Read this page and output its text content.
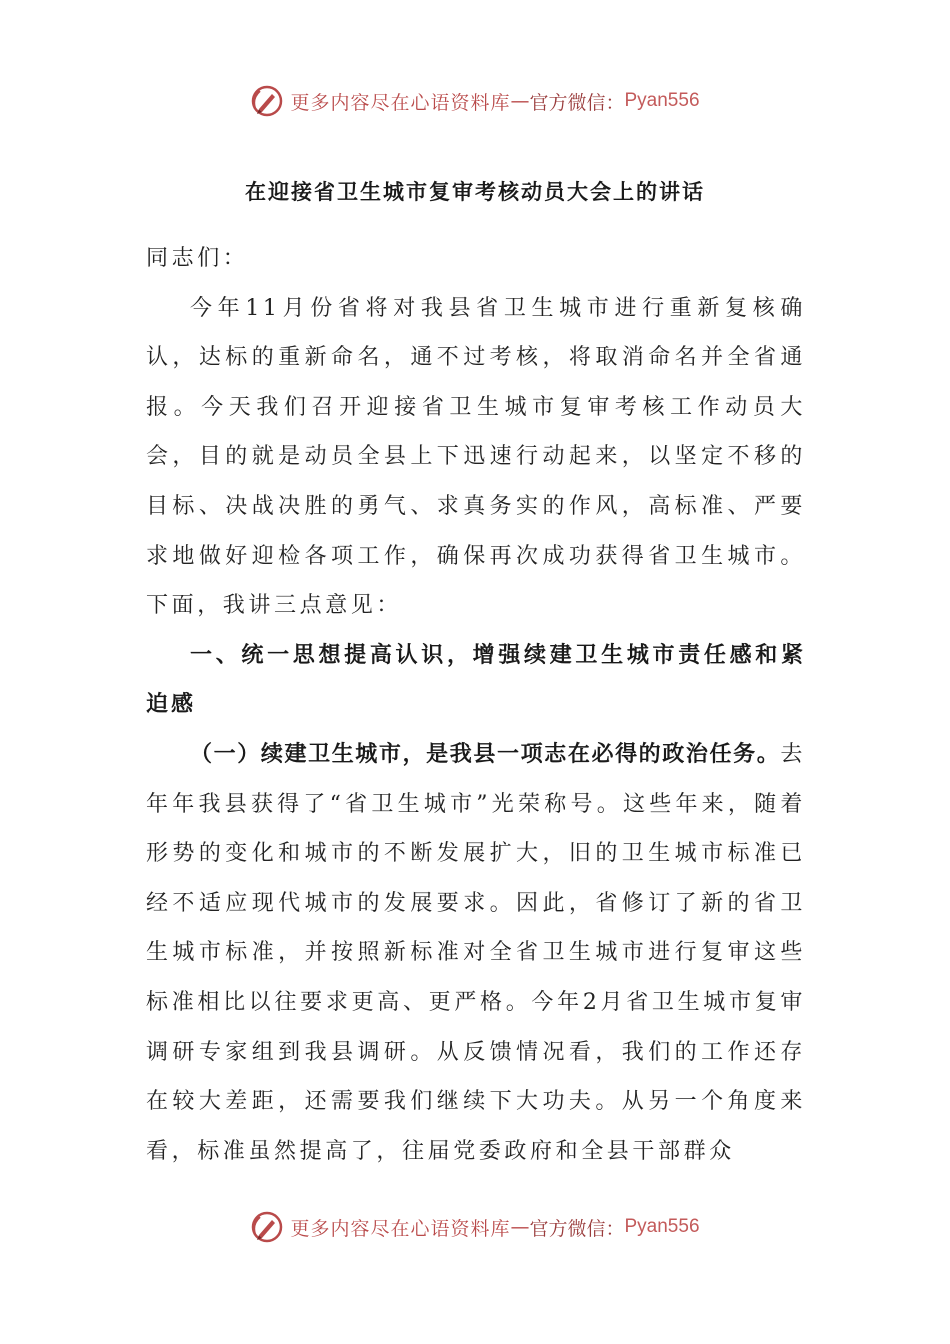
更多内容尽在心语资料库 — 官方微信： Pyan556
在迎接省卫生城市复审考核动员大会上的讲话

同志们：

今年11月份省将对我县省卫生城市进行重新复核确认，达标的重新命名，通不过考核，将取消命名并全省通报。今天我们召开迎接省卫生城市复审考核工作动员大会，目的就是动员全县上下迅速行动起来，以坚定不移的目标、决战决胜的勇气、求真务实的作风，高标准、严要求地做好迎检各项工作，确保再次成功获得省卫生城市。下面，我讲三点意见：

一、统一思想提高认识，增强续建卫生城市责任感和紧迫感

（一）续建卫生城市，是我县一项志在必得的政治任务。去年年我县获得了“省卫生城市”光荣称号。这些年来，随着形势的变化和城市的不断发展扩大，旧的卫生城市标准已经不适应现代城市的发展要求。因此，省修订了新的省卫生城市标准，并按照新标准对全省卫生城市进行复审这些标准相比以往要求更高、更严格。今年2月省卫生城市复审调研专家组到我县调研。从反馈情况看，我们的工作还存在较大差距，还需要我们继续下大功夫。从另一个角度来看，标准虽然提高了，往届党委政府和全县干部群众

更多内容尽在心语资料库 — 官方微信： Pyan556
